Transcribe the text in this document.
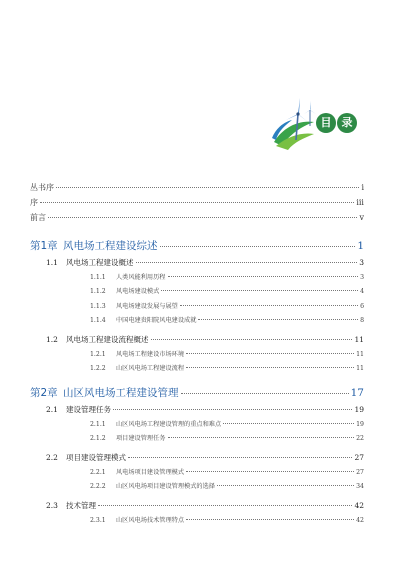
目 录
丛书序	i
序	iii
前言	v
第1章 风电场工程建设综述	1
1.1 风电场工程建设概述	3
1.1.1 人类风能利用历程	3
1.1.2 风电场建设模式	4
1.1.3 风电场建设发展与展望	6
1.1.4 中国电建贵阳院风电建设成就	8
1.2 风电场工程建设流程概述	11
1.2.1 风电场工程建设市场环境	11
1.2.2 山区风电场工程建设流程	11
第2章 山区风电场工程建设管理	17
2.1 建设管理任务	19
2.1.1 山区风电场工程建设管理的重点和难点	19
2.1.2 项目建设管理任务	22
2.2 项目建设管理模式	27
2.2.1 风电场项目建设管理模式	27
2.2.2 山区风电场项目建设管理模式的选择	34
2.3 技术管理	42
2.3.1 山区风电场技术管理特点	42
